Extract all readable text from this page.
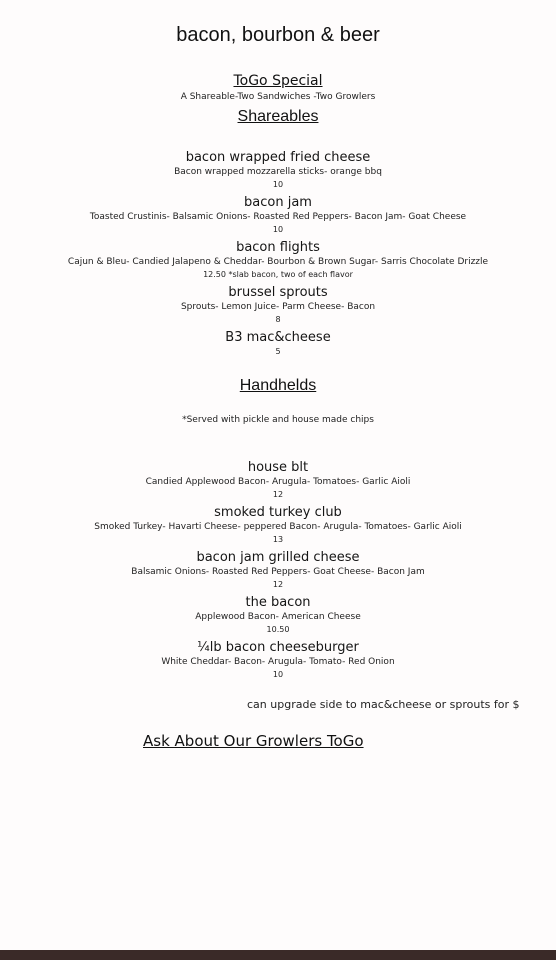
bacon, bourbon & beer
ToGo Special
A Shareable-Two Sandwiches -Two Growlers
Shareables
bacon wrapped fried cheese
Bacon wrapped mozzarella sticks- orange bbq
10
bacon jam
Toasted Crustinis- Balsamic Onions- Roasted Red Peppers- Bacon Jam- Goat Cheese
10
bacon flights
Cajun & Bleu- Candied Jalapeno & Cheddar- Bourbon & Brown Sugar- Sarris Chocolate Drizzle
12.50 *slab bacon, two of each flavor
brussel sprouts
Sprouts- Lemon Juice- Parm Cheese- Bacon
8
B3 mac&cheese
5
Handhelds
*Served with pickle and house made chips
house blt
Candied Applewood Bacon- Arugula- Tomatoes- Garlic Aioli
12
smoked turkey club
Smoked Turkey- Havarti Cheese- peppered Bacon- Arugula- Tomatoes- Garlic Aioli
13
bacon jam grilled cheese
Balsamic Onions- Roasted Red Peppers- Goat Cheese- Bacon Jam
12
the bacon
Applewood Bacon- American Cheese
10.50
¼lb bacon cheeseburger
White Cheddar- Bacon- Arugula- Tomato- Red Onion
10
can upgrade side to mac&cheese or sprouts for $
Ask About Our Growlers ToGo
